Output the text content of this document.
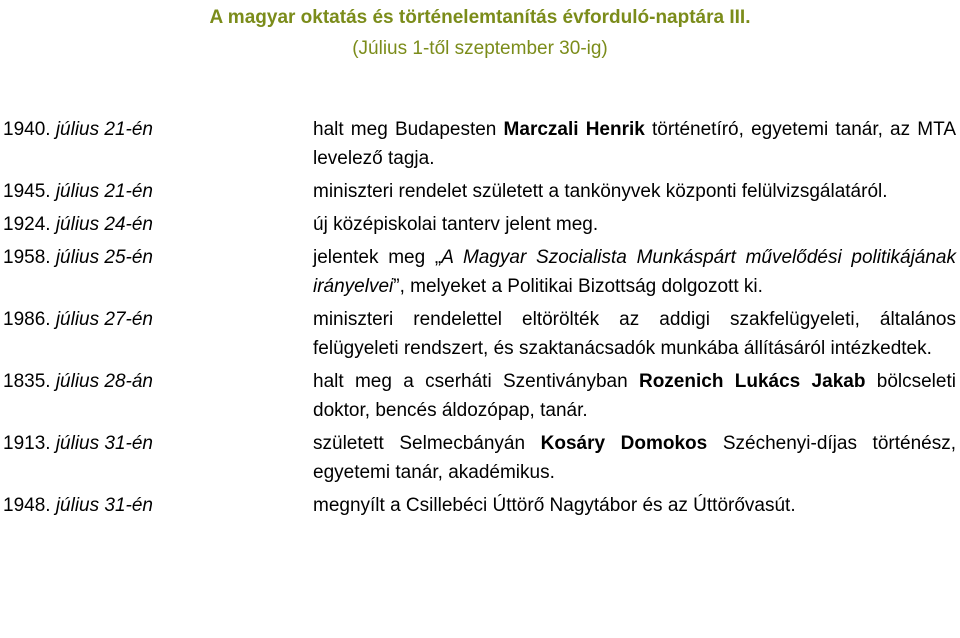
A magyar oktatás és történelemtanítás évforduló-naptára III.
(Július 1-től szeptember 30-ig)
1940. július 21-én	halt meg Budapesten Marczali Henrik történetíró, egyetemi tanár, az MTA levelező tagja.
1945. július 21-én	miniszteri rendelet született a tankönyvek központi felülvizsgálatáról.
1924. július 24-én	új középiskolai tanterv jelent meg.
1958. július 25-én	jelentek meg „A Magyar Szocialista Munkáspárt művelődési politikájának irányelvei”, melyeket a Politikai Bizottság dolgozott ki.
1986. július 27-én	miniszteri rendelettel eltörölték az addigi szakfelügyeleti, általános felügyeleti rendszert, és szaktanácsadók munkába állításáról intézkedtek.
1835. július 28-án	halt meg a cserháti Szentiványban Rozenich Lukács Jakab bölcseleti doktor, bencés áldozópap, tanár.
1913. július 31-én	született Selmecbányán Kosáry Domokos Széchenyi-díjas történész, egyetemi tanár, akadémikus.
1948. július 31-én	megnyílt a Csillebéci Úttörő Nagytábor és az Úttörővasút.
